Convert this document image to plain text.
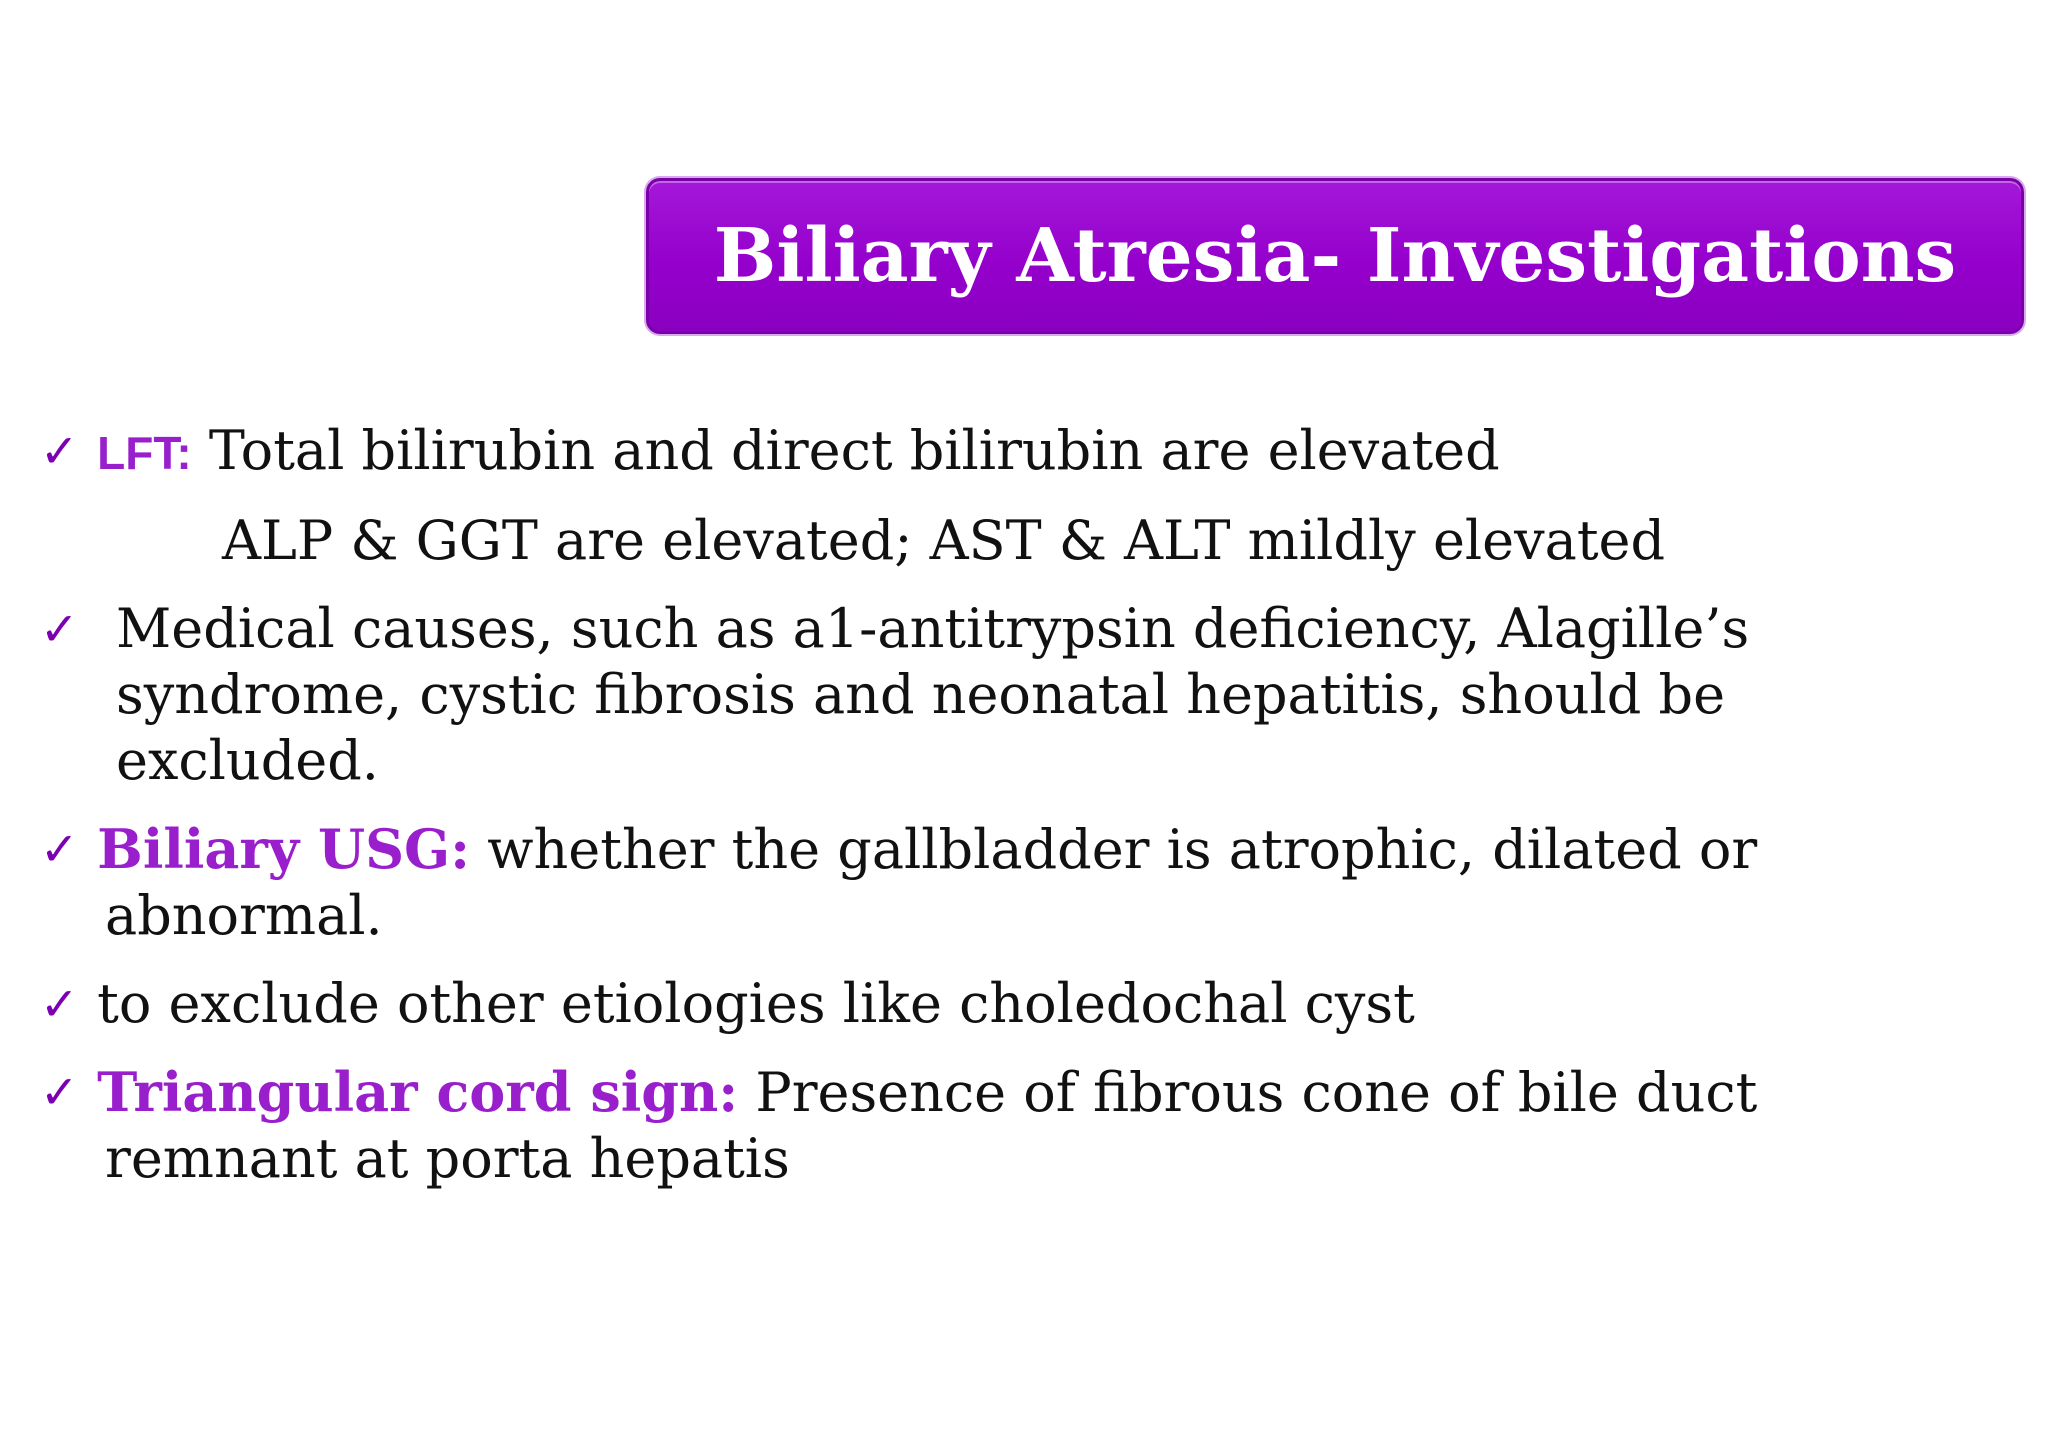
Biliary Atresia- Investigations
✓ LFT: Total bilirubin and direct bilirubin are elevated
ALP & GGT are elevated; AST & ALT mildly elevated
✓ Medical causes, such as a1-antitrypsin deficiency, Alagille’s syndrome, cystic fibrosis and neonatal hepatitis, should be excluded.
✓ Biliary USG: whether the gallbladder is atrophic, dilated or abnormal.
✓ to exclude other etiologies like choledochal cyst
✓ Triangular cord sign: Presence of fibrous cone of bile duct remnant at porta hepatis
